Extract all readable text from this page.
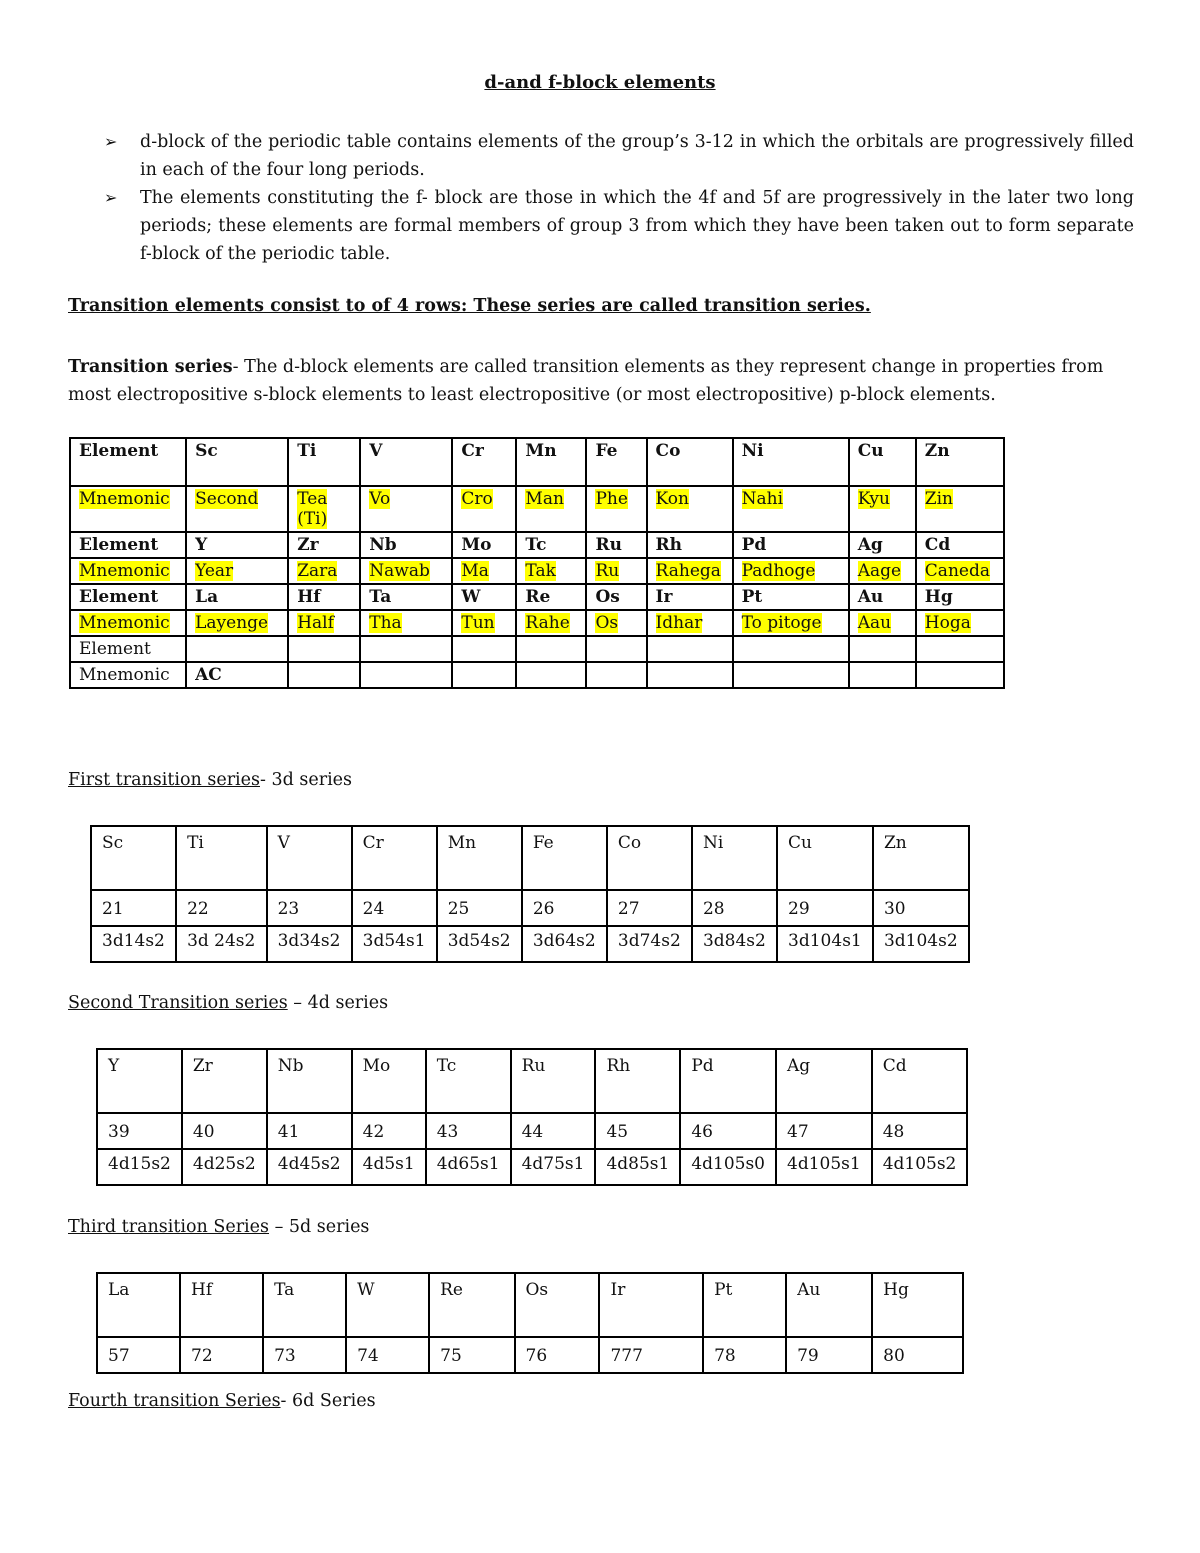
d-and f-block elements
➢ d-block of the periodic table contains elements of the group’s 3-12 in which the orbitals are progressively filled in each of the four long periods.
➢ The elements constituting the f- block are those in which the 4f and 5f are progressively in the later two long periods; these elements are formal members of group 3 from which they have been taken out to form separate f-block of the periodic table.
Transition elements consist to of 4 rows: These series are called transition series.
Transition series- The d-block elements are called transition elements as they represent change in properties from most electropositive s-block elements to least electropositive (or most electropositive) p-block elements.
Element	Sc	Ti	V	Cr	Mn	Fe	Co	Ni	Cu	Zn
Mnemonic	Second	Tea (Ti)	Vo	Cro	Man	Phe	Kon	Nahi	Kyu	Zin
Element	Y	Zr	Nb	Mo	Tc	Ru	Rh	Pd	Ag	Cd
Mnemonic	Year	Zara	Nawab	Ma	Tak	Ru	Rahega	Padhoge	Aage	Caneda
Element	La	Hf	Ta	W	Re	Os	Ir	Pt	Au	Hg
Mnemonic	Layenge	Half	Tha	Tun	Rahe	Os	Idhar	To pitoge	Aau	Hoga
Element										
Mnemonic	AC									
First transition series- 3d series
Sc	Ti	V	Cr	Mn	Fe	Co	Ni	Cu	Zn
21	22	23	24	25	26	27	28	29	30
3d14s2	3d 24s2	3d34s2	3d54s1	3d54s2	3d64s2	3d74s2	3d84s2	3d104s1	3d104s2
Second Transition series – 4d series
Y	Zr	Nb	Mo	Tc	Ru	Rh	Pd	Ag	Cd
39	40	41	42	43	44	45	46	47	48
4d15s2	4d25s2	4d45s2	4d5s1	4d65s1	4d75s1	4d85s1	4d105s0	4d105s1	4d105s2
Third transition Series – 5d series
La	Hf	Ta	W	Re	Os	Ir	Pt	Au	Hg
57	72	73	74	75	76	777	78	79	80
Fourth transition Series- 6d Series
